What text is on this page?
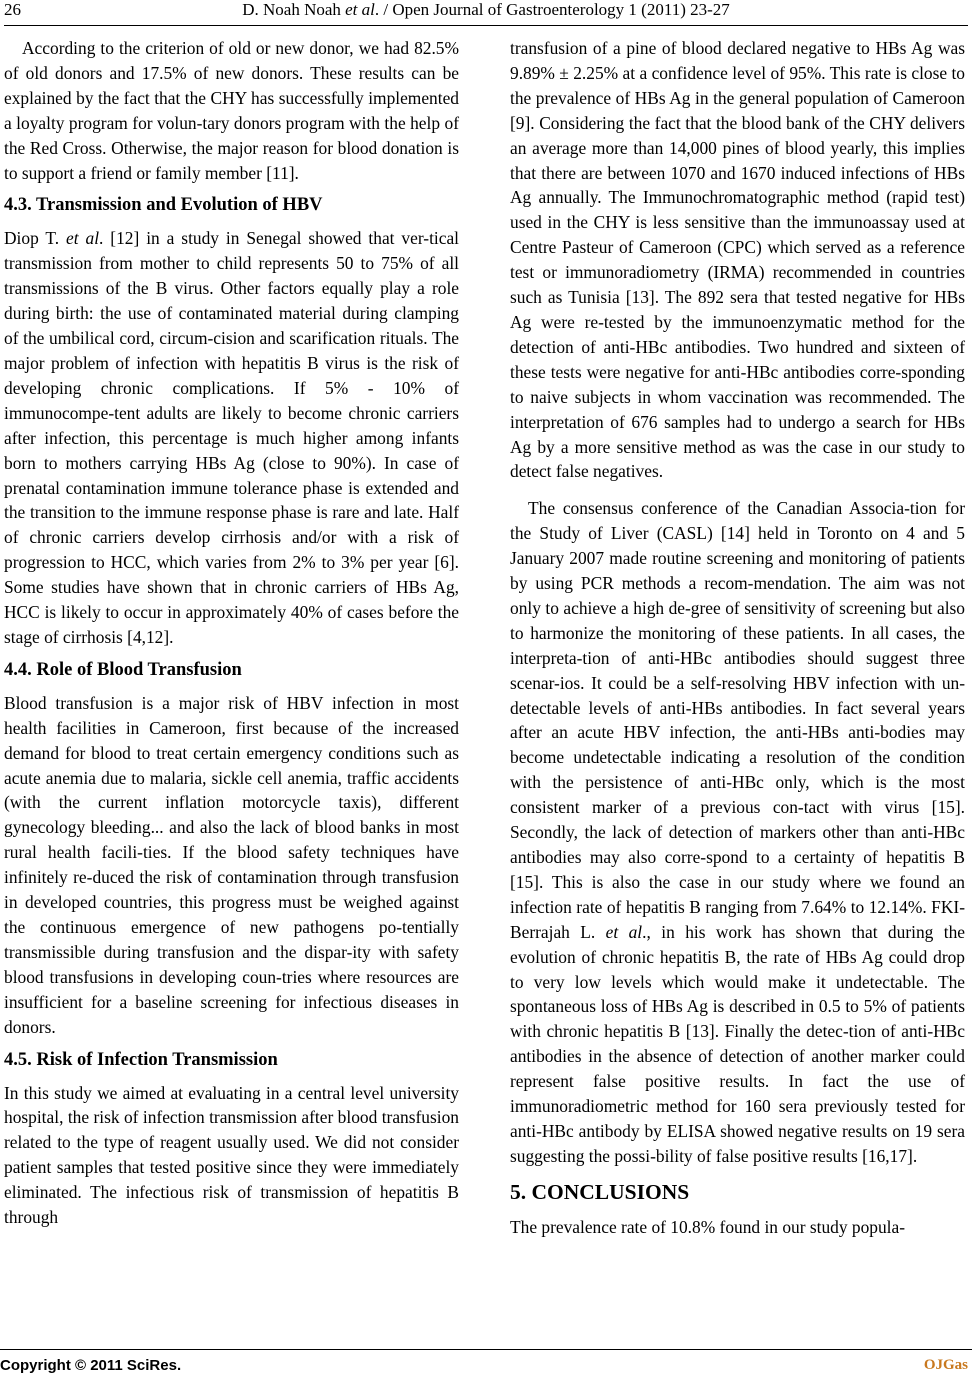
26	D. Noah Noah et al. / Open Journal of Gastroenterology 1 (2011) 23-27

According to the criterion of old or new donor, we had 82.5% of old donors and 17.5% of new donors. These results can be explained by the fact that the CHY has successfully implemented a loyalty program for volun-tary donors program with the help of the Red Cross. Otherwise, the major reason for blood donation is to support a friend or family member [11].

4.3. Transmission and Evolution of HBV

Diop T. et al. [12] in a study in Senegal showed that ver-tical transmission from mother to child represents 50 to 75% of all transmissions of the B virus. Other factors equally play a role during birth: the use of contaminated material during clamping of the umbilical cord, circum-cision and scarification rituals. The major problem of infection with hepatitis B virus is the risk of developing chronic complications. If 5% - 10% of immunocompe-tent adults are likely to become chronic carriers after infection, this percentage is much higher among infants born to mothers carrying HBs Ag (close to 90%). In case of prenatal contamination immune tolerance phase is extended and the transition to the immune response phase is rare and late. Half of chronic carriers develop cirrhosis and/or with a risk of progression to HCC, which varies from 2% to 3% per year [6]. Some studies have shown that in chronic carriers of HBs Ag, HCC is likely to occur in approximately 40% of cases before the stage of cirrhosis [4,12].

4.4. Role of Blood Transfusion

Blood transfusion is a major risk of HBV infection in most health facilities in Cameroon, first because of the increased demand for blood to treat certain emergency conditions such as acute anemia due to malaria, sickle cell anemia, traffic accidents (with the current inflation motorcycle taxis), different gynecology bleeding... and also the lack of blood banks in most rural health facili-ties. If the blood safety techniques have infinitely re-duced the risk of contamination through transfusion in developed countries, this progress must be weighed against the continuous emergence of new pathogens po-tentially transmissible during transfusion and the dispar-ity with safety blood transfusions in developing coun-tries where resources are insufficient for a baseline screening for infectious diseases in donors.

4.5. Risk of Infection Transmission

In this study we aimed at evaluating in a central level university hospital, the risk of infection transmission after blood transfusion related to the type of reagent usually used. We did not consider patient samples that tested positive since they were immediately eliminated. The infectious risk of transmission of hepatitis B through

transfusion of a pine of blood declared negative to HBs Ag was 9.89% ± 2.25% at a confidence level of 95%. This rate is close to the prevalence of HBs Ag in the general population of Cameroon [9]. Considering the fact that the blood bank of the CHY delivers an average more than 14,000 pines of blood yearly, this implies that there are between 1070 and 1670 induced infections of HBs Ag annually. The Immunochromatographic method (rapid test) used in the CHY is less sensitive than the immunoassay used at Centre Pasteur of Cameroon (CPC) which served as a reference test or immunoradiometry (IRMA) recommended in countries such as Tunisia [13]. The 892 sera that tested negative for HBs Ag were re-tested by the immunoenzymatic method for the detection of anti-HBc antibodies. Two hundred and sixteen of these tests were negative for anti-HBc antibodies corre-sponding to naive subjects in whom vaccination was recommended. The interpretation of 676 samples had to undergo a search for HBs Ag by a more sensitive method as was the case in our study to detect false negatives.

The consensus conference of the Canadian Associa-tion for the Study of Liver (CASL) [14] held in Toronto on 4 and 5 January 2007 made routine screening and monitoring of patients by using PCR methods a recom-mendation. The aim was not only to achieve a high de-gree of sensitivity of screening but also to harmonize the monitoring of these patients. In all cases, the interpreta-tion of anti-HBc antibodies should suggest three scenar-ios. It could be a self-resolving HBV infection with un-detectable levels of anti-HBs antibodies. In fact several years after an acute HBV infection, the anti-HBs anti-bodies may become undetectable indicating a resolution of the condition with the persistence of anti-HBc only, which is the most consistent marker of a previous con-tact with virus [15]. Secondly, the lack of detection of markers other than anti-HBc antibodies may also corre-spond to a certainty of hepatitis B [15]. This is also the case in our study where we found an infection rate of hepatitis B ranging from 7.64% to 12.14%. FKI-Berrajah L. et al., in his work has shown that during the evolution of chronic hepatitis B, the rate of HBs Ag could drop to very low levels which would make it undetectable. The spontaneous loss of HBs Ag is described in 0.5 to 5% of patients with chronic hepatitis B [13]. Finally the detec-tion of anti-HBc antibodies in the absence of detection of another marker could represent false positive results. In fact the use of immunoradiometric method for 160 sera previously tested for anti-HBc antibody by ELISA showed negative results on 19 sera suggesting the possi-bility of false positive results [16,17].

5. CONCLUSIONS

The prevalence rate of 10.8% found in our study popula-

Copyright © 2011 SciRes.	OJGas
